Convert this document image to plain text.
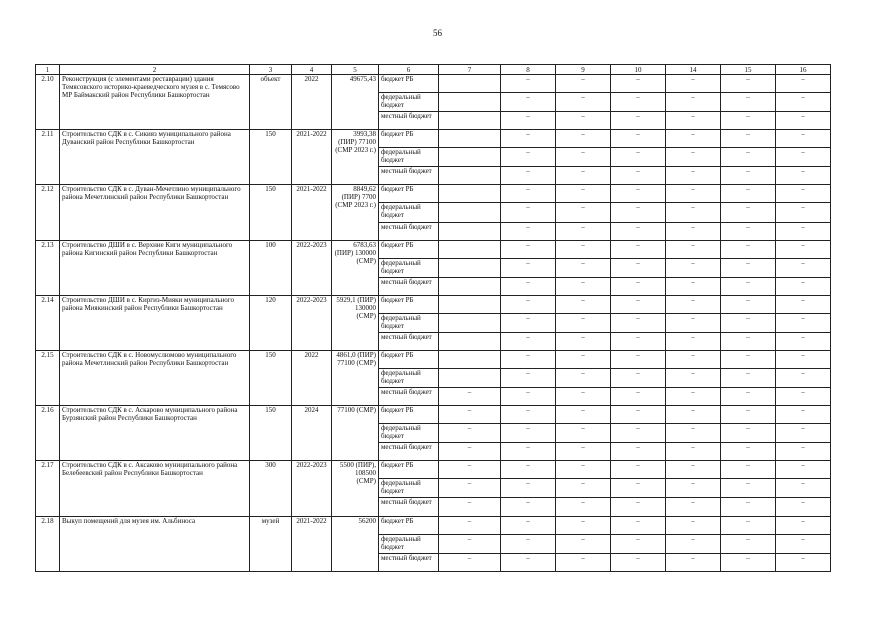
56
1	2	3	4	5	6	7	8	9	10	14	15	16
2.10	Реконструкция (с элементами реставрации) здания Темясовского историко-краеведческого музея в с. Темясово МР Баймакский район Республики Башкортостан	объект	2022	49675,43	бюджет РБ		–	–	–	–	–	–
					федеральный бюджет		–	–	–	–	–	–
					местный бюджет		–	–	–	–	–	–
2.11	Строительство СДК в с. Сикияз муниципального района Дуванский район Республики Башкортостан	150	2021-2022	3993,38 (ПИР) 77100 (СМР 2023 г.)	бюджет РБ		–	–	–	–	–	–
					федеральный бюджет		–	–	–	–	–	–
					местный бюджет		–	–	–	–	–	–
2.12	Строительство СДК в с. Дуван-Мечетлино муниципального района Мечетлинский район Республики Башкортостан	150	2021-2022	8849,62 (ПИР) 7700 (СМР 2023 г.)	бюджет РБ		–	–	–	–	–	–
					федеральный бюджет		–	–	–	–	–	–
					местный бюджет		–	–	–	–	–	–
2.13	Строительство ДШИ в с. Верхние Киги муниципального района Кигинский район Республики Башкортостан	100	2022-2023	6783,63 (ПИР) 130000 (СМР)	бюджет РБ		–	–	–	–	–	–
					федеральный бюджет		–	–	–	–	–	–
					местный бюджет		–	–	–	–	–	–
2.14	Строительство ДШИ в с. Киргиз-Мияки муниципального района Миякинский район Республики Башкортостан	120	2022-2023	5929,1 (ПИР) 130000 (СМР)	бюджет РБ		–	–	–	–	–	–
					федеральный бюджет		–	–	–	–	–	–
					местный бюджет		–	–	–	–	–	–
2.15	Строительство СДК в с. Новомуслюмово муниципального района Мечетлинский район Республики Башкортостан	150	2022	4861,0 (ПИР) 77100 (СМР)	бюджет РБ		–	–	–	–	–	–
					федеральный бюджет		–	–	–	–	–	–
					местный бюджет	–	–	–	–	–	–	–
2.16	Строительство СДК в с. Аскарово муниципального района Бурзянский район Республики Башкортостан	150	2024	77100 (СМР)	бюджет РБ	–	–	–	–	–	–	–
					федеральный бюджет	–	–	–	–	–	–	–
					местный бюджет	–	–	–	–	–	–	–
2.17	Строительство СДК в с. Аксаково муниципального района Белебеевский район Республики Башкортостан	300	2022-2023	5500 (ПИР), 108500 (СМР)	бюджет РБ	–	–	–	–	–	–	–
					федеральный бюджет	–	–	–	–	–	–	–
					местный бюджет	–	–	–	–	–	–	–
2.18	Выкуп помещений для музея им. Альбиноса	музей	2021-2022	56200	бюджет РБ	–	–	–	–	–	–	–
					федеральный бюджет	–	–	–	–	–	–	–
					местный бюджет	–	–	–	–	–	–	–
